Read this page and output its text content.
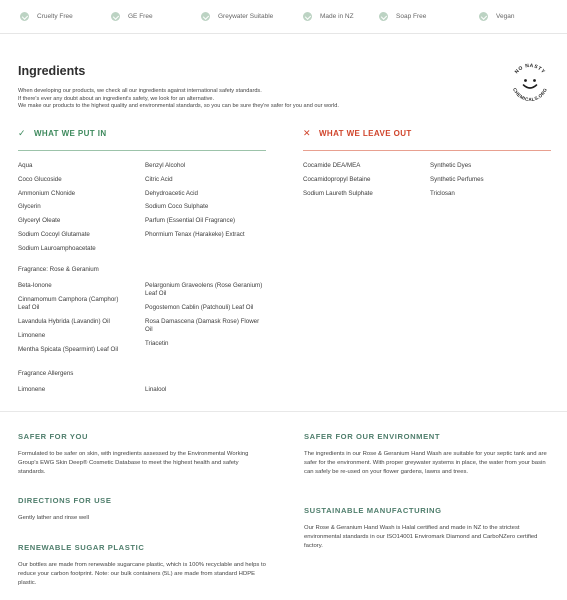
Cruelty Free	GE Free	Greywater Suitable	Made in NZ	Soap Free	Vegan
Ingredients

When developing our products, we check all our ingredients against international safety standards.

If there's ever any doubt about an ingredient's safety, we look for an alternative.

We make our products to the highest quality and environmental standards, so you can be sure they're safer for you and our world.

NO NASTY
CHEMICALS.ORG
✓ WHAT WE PUT IN
Aqua
Coco Glucoside
Ammonium CNonide
Glycerin
Glyceryl Oleate
Sodium Cocoyl Glutamate
Sodium Lauroamphoacetate
Benzyl Alcohol
Citric Acid
Dehydroacetic Acid
Sodium Coco Sulphate
Parfum (Essential Oil Fragrance)
Phormium Tenax (Harakeke) Extract
Fragrance: Rose & Geranium
Beta-Ionone
Cinnamomum Camphora (Camphor) Leaf Oil
Lavandula Hybrida (Lavandin) Oil
Limonene
Mentha Spicata (Spearmint) Leaf Oil
Pelargonium Graveolens (Rose Geranium) Leaf Oil
Pogostemon Cablin (Patchouli) Leaf Oil
Rosa Damascena (Damask Rose) Flower Oil
Triacetin
Fragrance Allergens
Limonene	Linalool
✕ WHAT WE LEAVE OUT
Cocamide DEA/MEA
Cocamidopropyl Betaine
Sodium Laureth Sulphate
Synthetic Dyes
Synthetic Perfumes
Triclosan
SAFER FOR YOU
Formulated to be safer on skin, with ingredients assessed by the Environmental Working Group's EWG Skin Deep® Cosmetic Database to meet the highest health and safety standards.
DIRECTIONS FOR USE
Gently lather and rinse well
RENEWABLE SUGAR PLASTIC
Our bottles are made from renewable sugarcane plastic, which is 100% recyclable and helps to reduce your carbon footprint. Note: our bulk containers (5L) are made from standard HDPE plastic.
SAFER FOR OUR ENVIRONMENT
The ingredients in our Rose & Geranium Hand Wash are suitable for your septic tank and are safer for the environment. With proper greywater systems in place, the water from your basin can safely be re-used on your flower gardens, lawns and trees.
SUSTAINABLE MANUFACTURING
Our Rose & Geranium Hand Wash is Halal certified and made in NZ to the strictest environmental standards in our ISO14001 Enviromark Diamond and CarboNZero certified factory.
